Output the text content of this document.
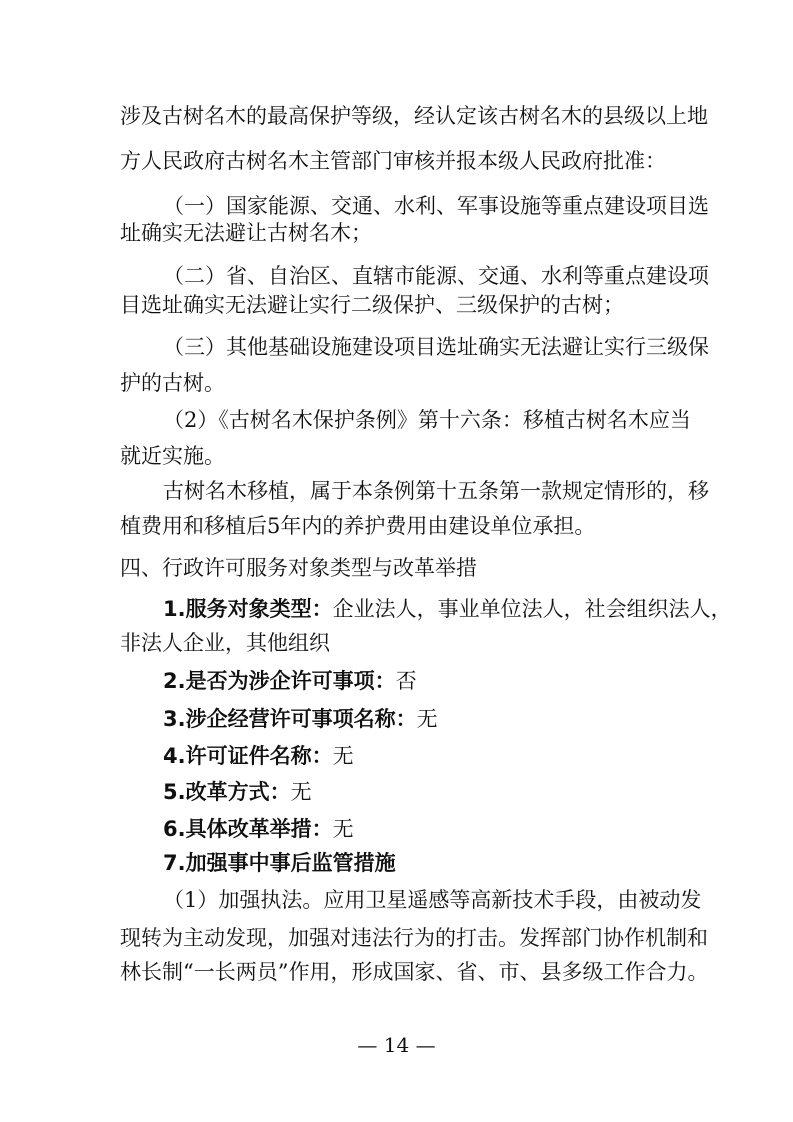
涉及古树名木的最高保护等级，经认定该古树名木的县级以上地
方人民政府古树名木主管部门审核并报本级人民政府批准：
（一）国家能源、交通、水利、军事设施等重点建设项目选
址确实无法避让古树名木；
（二）省、自治区、直辖市能源、交通、水利等重点建设项
目选址确实无法避让实行二级保护、三级保护的古树；
（三）其他基础设施建设项目选址确实无法避让实行三级保
护的古树。
（2）《古树名木保护条例》第十六条：移植古树名木应当
就近实施。
古树名木移植，属于本条例第十五条第一款规定情形的，移
植费用和移植后5年内的养护费用由建设单位承担。
四、行政许可服务对象类型与改革举措
1.服务对象类型：企业法人，事业单位法人，社会组织法人，
非法人企业，其他组织
2.是否为涉企许可事项：否
3.涉企经营许可事项名称：无
4.许可证件名称：无
5.改革方式：无
6.具体改革举措：无
7.加强事中事后监管措施
（1）加强执法。应用卫星遥感等高新技术手段，由被动发
现转为主动发现，加强对违法行为的打击。发挥部门协作机制和
林长制“一长两员”作用，形成国家、省、市、县多级工作合力。
— 14 —
